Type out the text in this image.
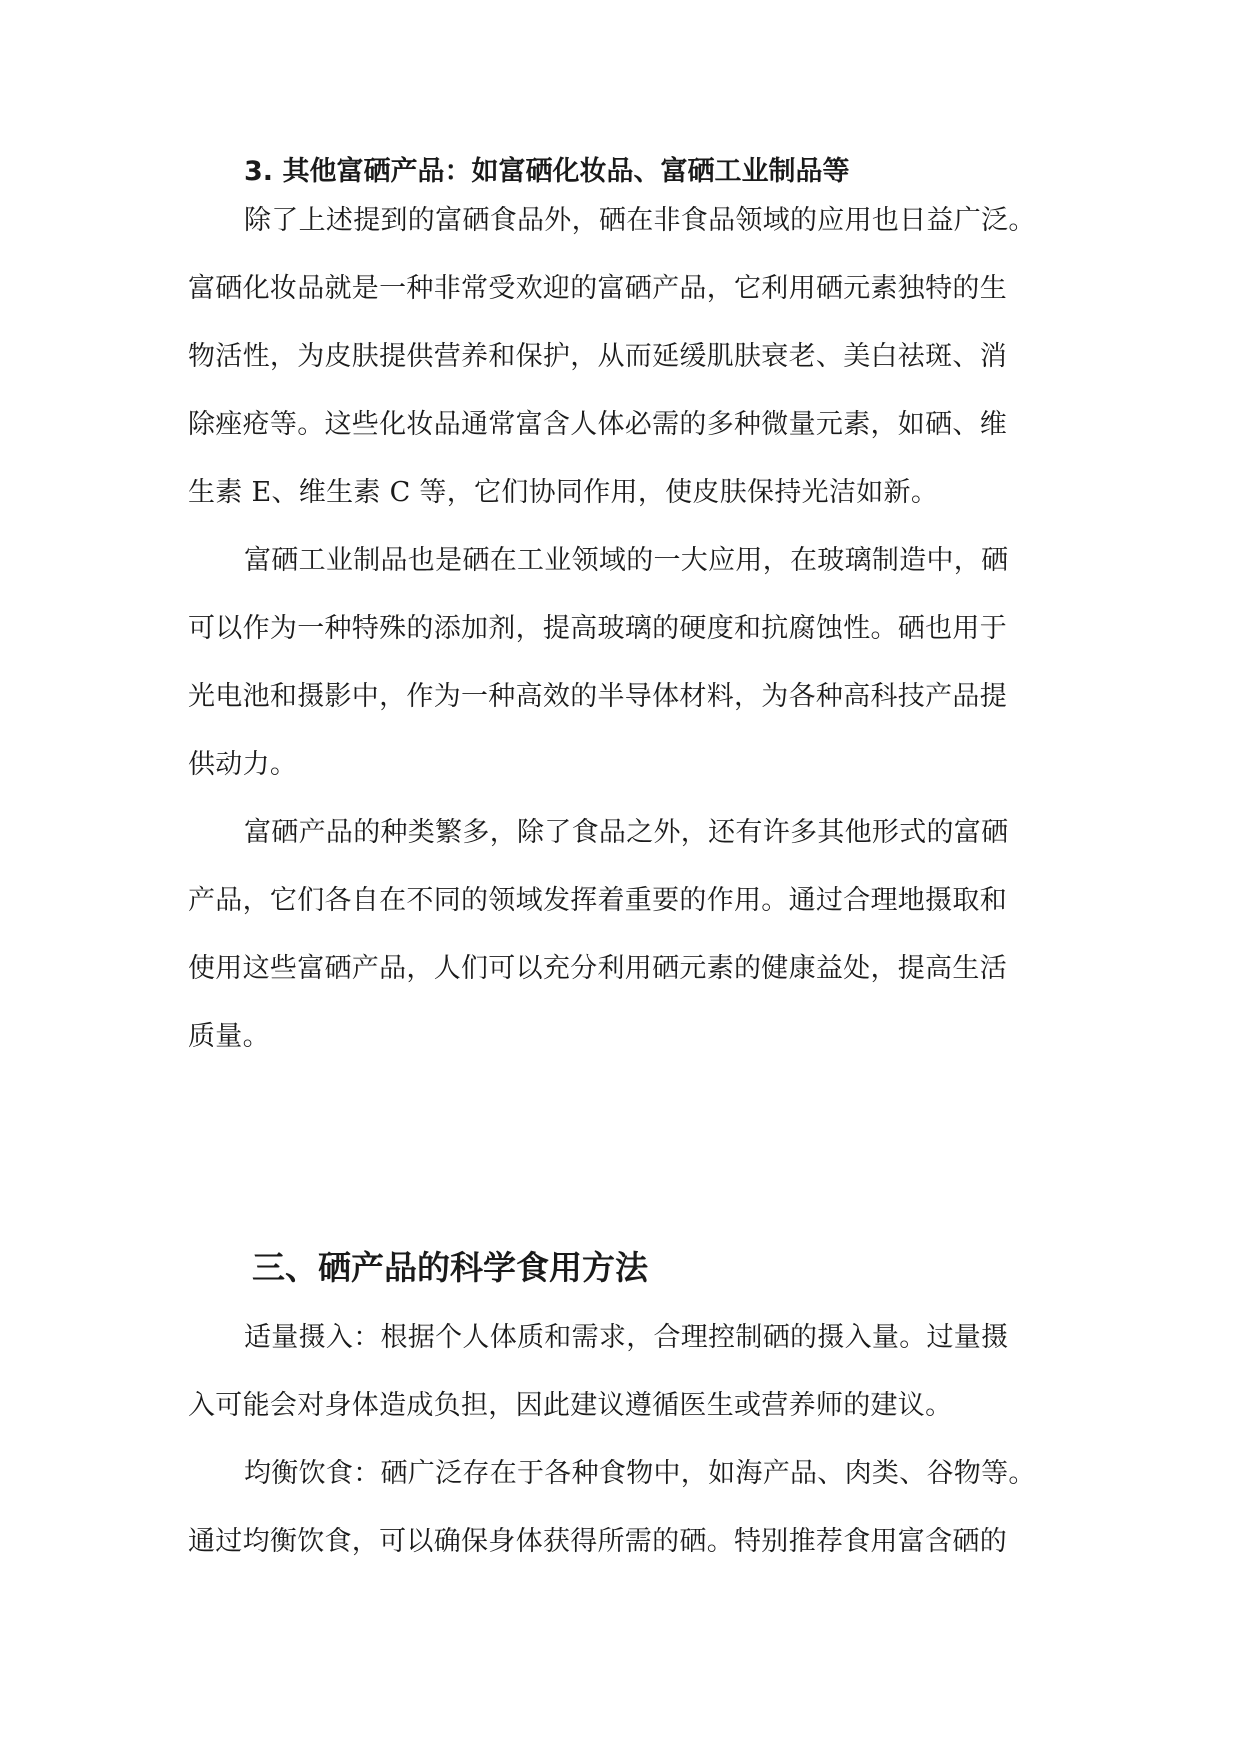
3. 其他富硒产品：如富硒化妆品、富硒工业制品等
除了上述提到的富硒食品外，硒在非食品领域的应用也日益广泛。
富硒化妆品就是一种非常受欢迎的富硒产品，它利用硒元素独特的生
物活性，为皮肤提供营养和保护，从而延缓肌肤衰老、美白祛斑、消
除痤疮等。这些化妆品通常富含人体必需的多种微量元素，如硒、维
生素 E、维生素 C 等，它们协同作用，使皮肤保持光洁如新。
富硒工业制品也是硒在工业领域的一大应用，在玻璃制造中，硒
可以作为一种特殊的添加剂，提高玻璃的硬度和抗腐蚀性。硒也用于
光电池和摄影中，作为一种高效的半导体材料，为各种高科技产品提
供动力。
富硒产品的种类繁多，除了食品之外，还有许多其他形式的富硒
产品，它们各自在不同的领域发挥着重要的作用。通过合理地摄取和
使用这些富硒产品，人们可以充分利用硒元素的健康益处，提高生活
质量。
三、硒产品的科学食用方法
适量摄入：根据个人体质和需求，合理控制硒的摄入量。过量摄
入可能会对身体造成负担，因此建议遵循医生或营养师的建议。
均衡饮食：硒广泛存在于各种食物中，如海产品、肉类、谷物等。
通过均衡饮食，可以确保身体获得所需的硒。特别推荐食用富含硒的
